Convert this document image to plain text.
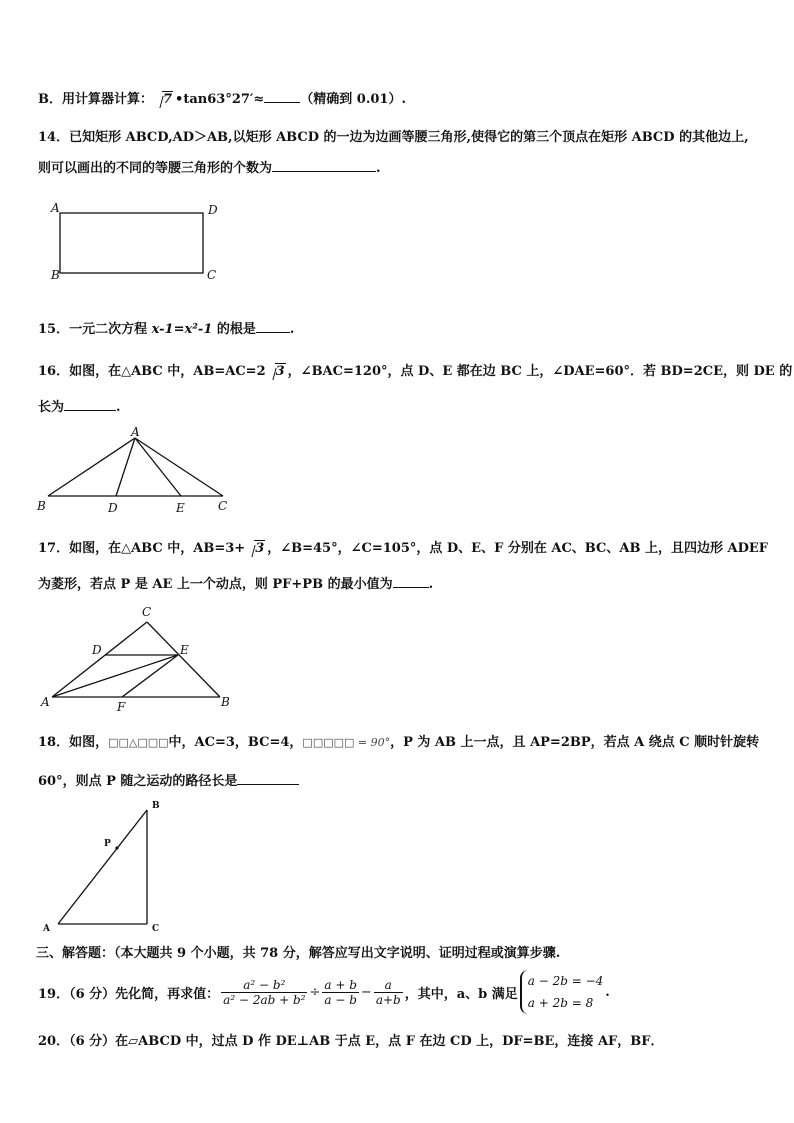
B．用计算器计算： 7 •tan63°27′≈	（精确到 0.01）.
14．已知矩形 ABCD,AD＞AB,以矩形 ABCD 的一边为边画等腰三角形,使得它的第三个顶点在矩形 ABCD 的其他边上,
则可以画出的不同的等腰三角形的个数为	.
A	D
B	C
15．一元二次方程 x-1=x²-1 的根是	.
16．如图，在△ABC 中，AB=AC=2 3 ，∠BAC=120°，点 D、E 都在边 BC 上，∠DAE=60°．若 BD=2CE，则 DE 的
长为	.
A
B	D	E	C
17．如图，在△ABC 中，AB=3+ 3 ，∠B=45°，∠C=105°，点 D、E、F 分别在 AC、BC、AB 上，且四边形 ADEF
为菱形，若点 P 是 AE 上一个动点，则 PF+PB 的最小值为	.
C
D	E
A	F	B
18．如图，□□△□□□中，AC=3，BC=4，□□□□□ = 90°，P 为 AB 上一点，且 AP=2BP，若点 A 绕点 C 顺时针旋转
60°，则点 P 随之运动的路径长是
B
P
A	C
三、解答题：（本大题共 9 个小题，共 78 分，解答应写出文字说明、证明过程或演算步骤.
19．（6 分）先化简，再求值： $\frac{\text{a² − b²}}{\text{a² − 2ab + b²}} \div \frac{a + b}{a - b} - \frac{a}{a+b}$ ，其中，a、b 满足
a − 2b = −4
a + 2b = 8
.
20．（6 分）在▱ABCD 中，过点 D 作 DE⊥AB 于点 E，点 F 在边 CD 上，DF=BE，连接 AF，BF．
